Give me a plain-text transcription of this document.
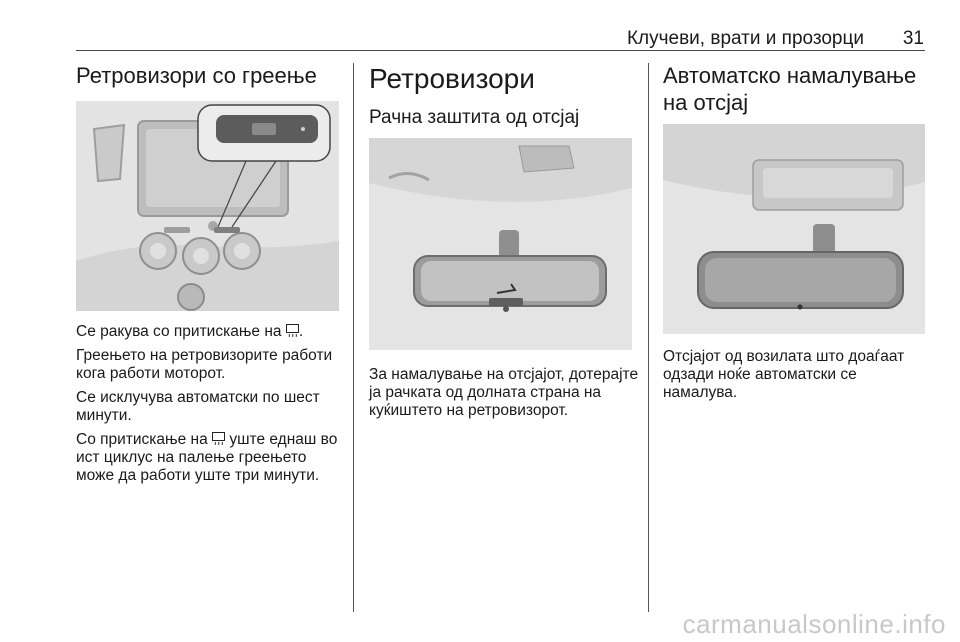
Клучеви, врати и прозорци 31
Ретровизори со греење

Се ракува со притискање на .

Греењето на ретровизорите работи кога работи моторот.

Се исклучува автоматски по шест минути.

Со притискање на  уште еднаш во ист циклус на палење греењето може да работи уште три минути.

Ретровизори
Рачна заштита од отсјај

За намалување на отсјајот, дотерајте ја рачката од долната страна на куќиштето на ретровизорот.

Автоматско намалување на отсјај

Отсјајот од возилата што доаѓаат одзади ноќе автоматски се намалува.

carmanualsonline.info
